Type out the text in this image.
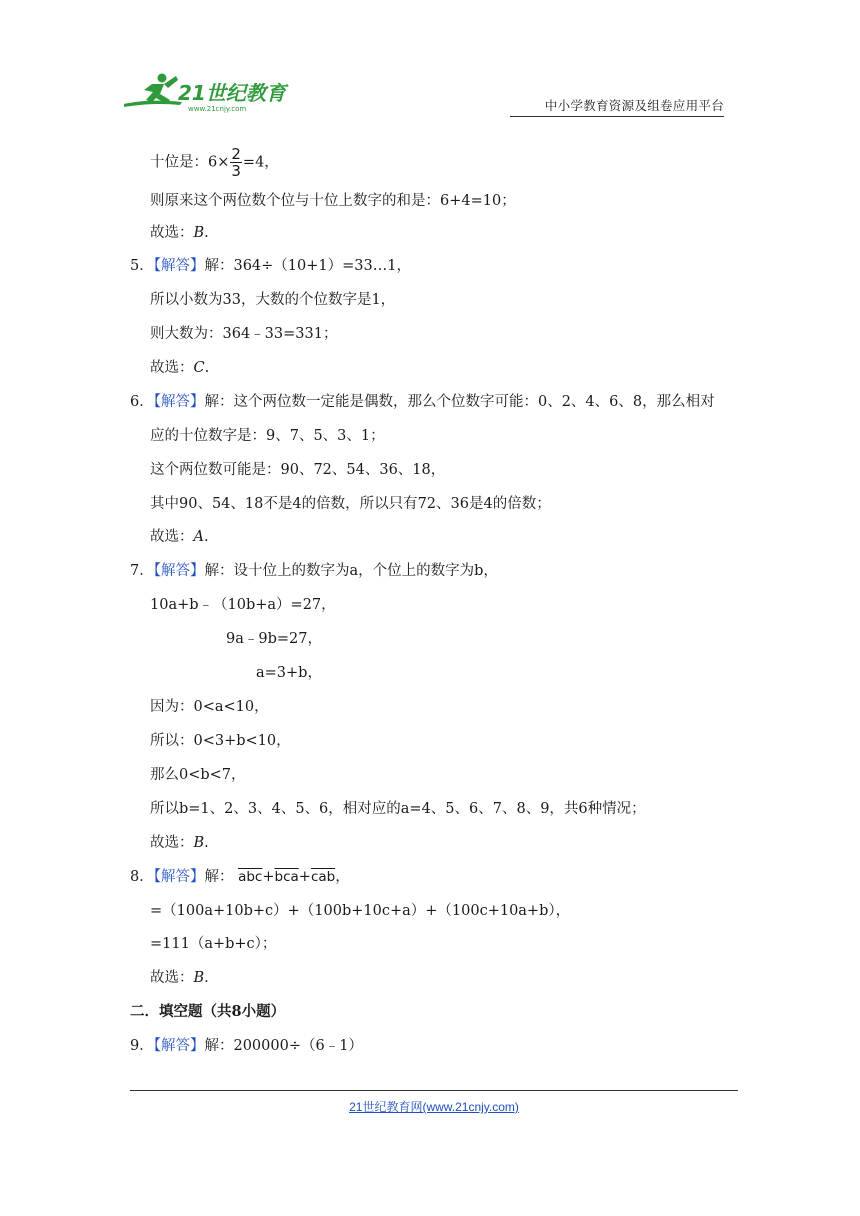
21世纪教育
www.21cnjy.com	中小学教育资源及组卷应用平台
十位是：$6\times \frac{2}{3} =4$，
则原来这个两位数个位与十位上数字的和是：6+4=10；
故选：B.
5．【解答】解：364÷（10+1）=33…1，
所以小数为33，大数的个位数字是1，
则大数为：364﹣33=331；
故选：C.
6．【解答】解：这个两位数一定能是偶数，那么个位数字可能：0、2、4、6、8，那么相对
应的十位数字是：9、7、5、3、1；
这个两位数可能是：90、72、54、36、18，
其中90、54、18不是4的倍数，所以只有72、36是4的倍数；
故选：A.
7．【解答】解：设十位上的数字为a，个位上的数字为b，
10a+b﹣（10b+a）=27，
9a﹣9b=27，
a=3+b，
因为：0<a<10，
所以：0<3+b<10，
那么0<b<7，
所以b=1、2、3、4、5、6，相对应的a=4、5、6、7、8、9，共6种情况；
故选：B.
8．【解答】解： $\overline{abc}+\overline{bca}+\overline{cab}$，
=（100a+10b+c）+（100b+10c+a）+（100c+10a+b），
=111（a+b+c）；
故选：B.
二．填空题（共8小题）
9．【解答】解：200000÷（6﹣1）
21世纪教育网(www.21cnjy.com)
